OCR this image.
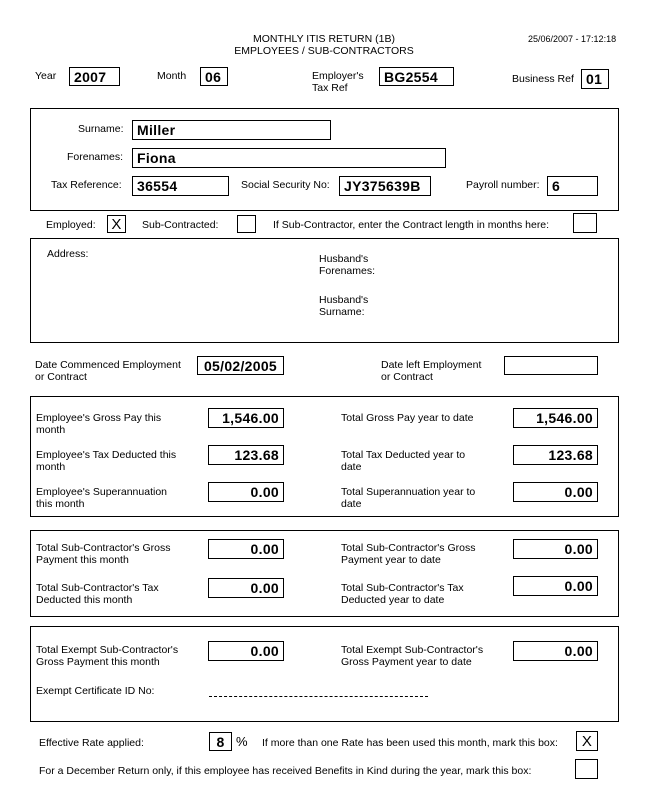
MONTHLY ITIS RETURN (1B)
EMPLOYEES / SUB-CONTRACTORS
25/06/2007 - 17:12:18
Year	2007	Month	06	Employer's
Tax Ref
BG2554	Business Ref 01
Surname: Miller
Forenames: Fiona
Tax Reference:	36554	Social Security No:	JY375639B	Payroll number: 6
Employed: X	Sub-Contracted:	If Sub-Contractor, enter the Contract length in months here:
Address:	Husband's
Forenames:
Husband's
Surname:
Date Commenced Employment
or Contract
05/02/2005	Date left Employment
or Contract
Employee's Gross Pay this
month
1,546.00	Total Gross Pay year to date	1,546.00
Employee's Tax Deducted this
month
123.68	Total Tax Deducted year to
date
123.68
Employee's Superannuation
this month
0.00	Total Superannuation year to
date
0.00
Total Sub-Contractor's Gross
Payment this month
0.00	Total Sub-Contractor's Gross
Payment year to date
0.00
Total Sub-Contractor's Tax
Deducted this month
0.00	Total Sub-Contractor's Tax
Deducted year to date
0.00
Total Exempt Sub-Contractor's
Gross Payment this month
0.00	Total Exempt Sub-Contractor's
Gross Payment year to date
0.00
Exempt Certificate ID No:
Effective Rate applied:	8 % If more than one Rate has been used this month, mark this box:	X
For a December Return only, if this employee has received Benefits in Kind during the year, mark this box:
